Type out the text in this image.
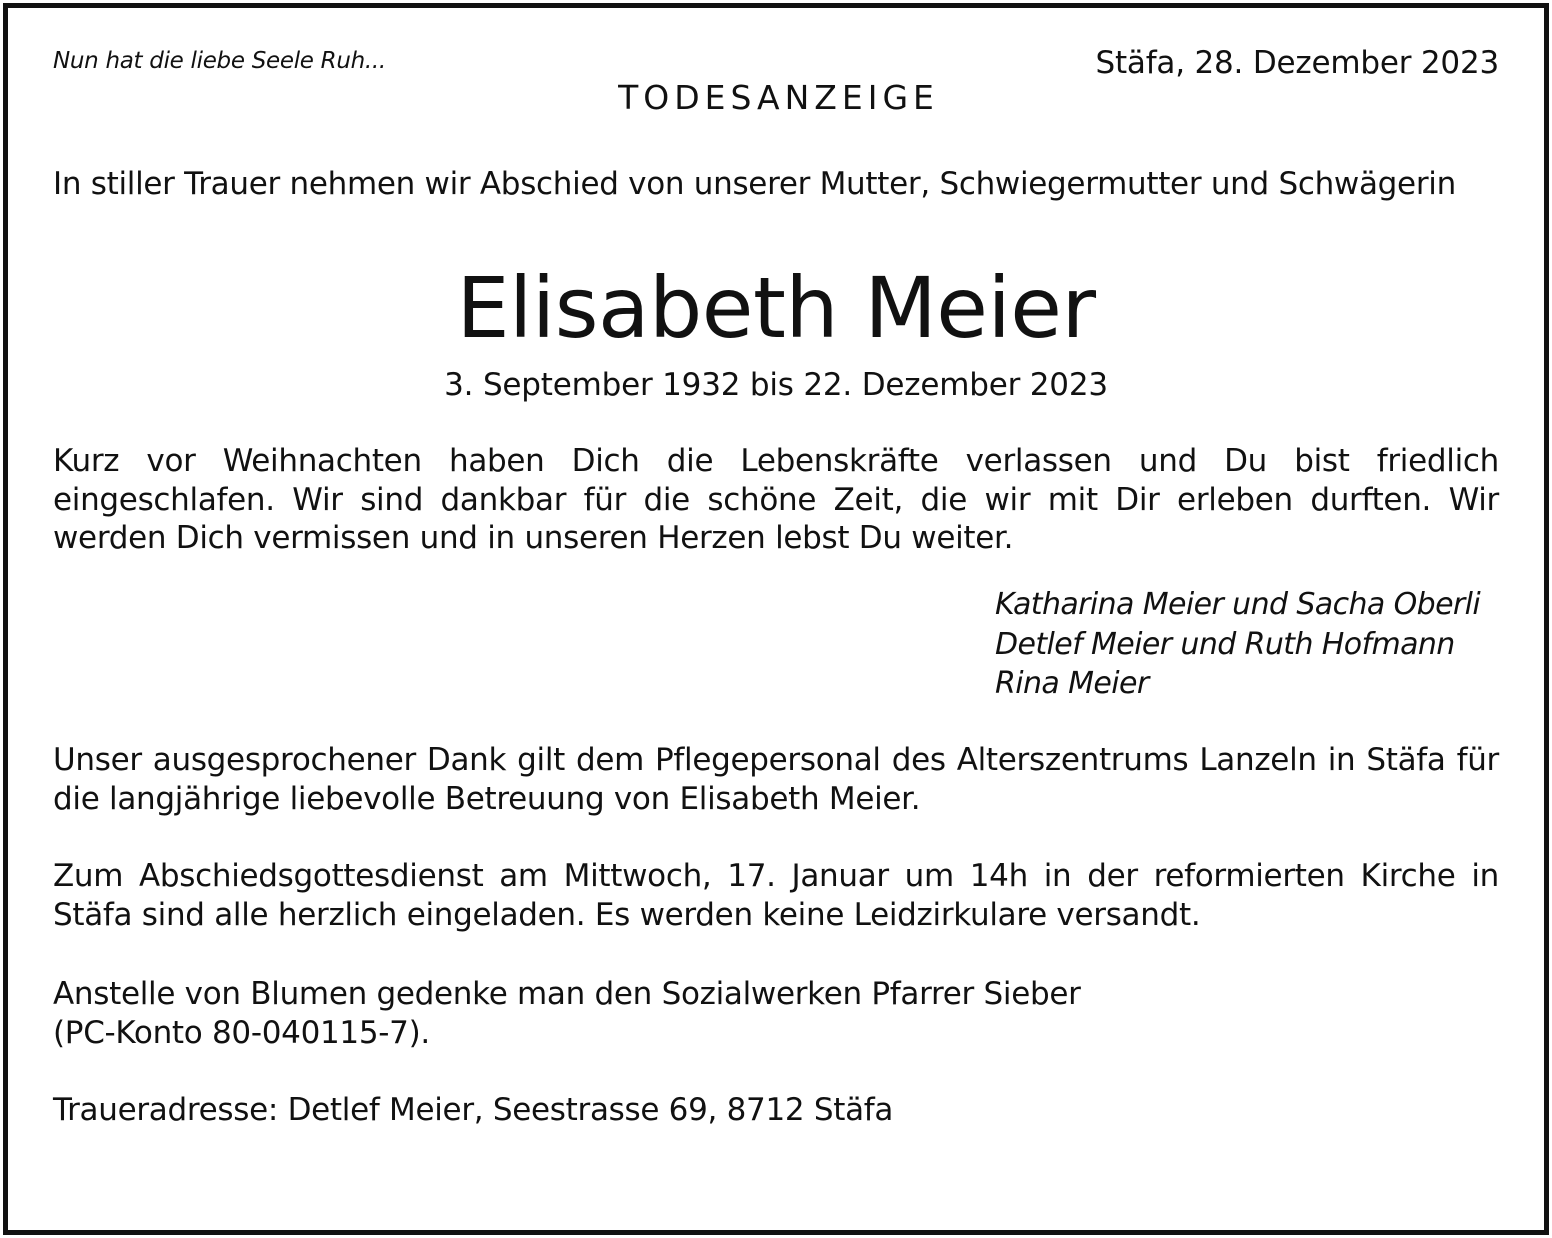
Nun hat die liebe Seele Ruh...	Stäfa, 28. Dezember 2023
TODESANZEIGE
In stiller Trauer nehmen wir Abschied von unserer Mutter, Schwiegermutter und Schwägerin
Elisabeth Meier
3. September 1932 bis 22. Dezember 2023
Kurz vor Weihnachten haben Dich die Lebenskräfte verlassen und Du bist friedlich eingeschlafen. Wir sind dankbar für die schöne Zeit, die wir mit Dir erleben durften. Wir werden Dich vermissen und in unseren Herzen lebst Du weiter.
Katharina Meier und Sacha Oberli
Detlef Meier und Ruth Hofmann
Rina Meier
Unser ausgesprochener Dank gilt dem Pflegepersonal des Alterszentrums Lanzeln in Stäfa für die langjährige liebevolle Betreuung von Elisabeth Meier.
Zum Abschiedsgottesdienst am Mittwoch, 17. Januar um 14h in der reformierten Kirche in Stäfa sind alle herzlich eingeladen. Es werden keine Leidzirkulare versandt.
Anstelle von Blumen gedenke man den Sozialwerken Pfarrer Sieber
(PC-Konto 80-040115-7).
Traueradresse: Detlef Meier, Seestrasse 69, 8712 Stäfa
